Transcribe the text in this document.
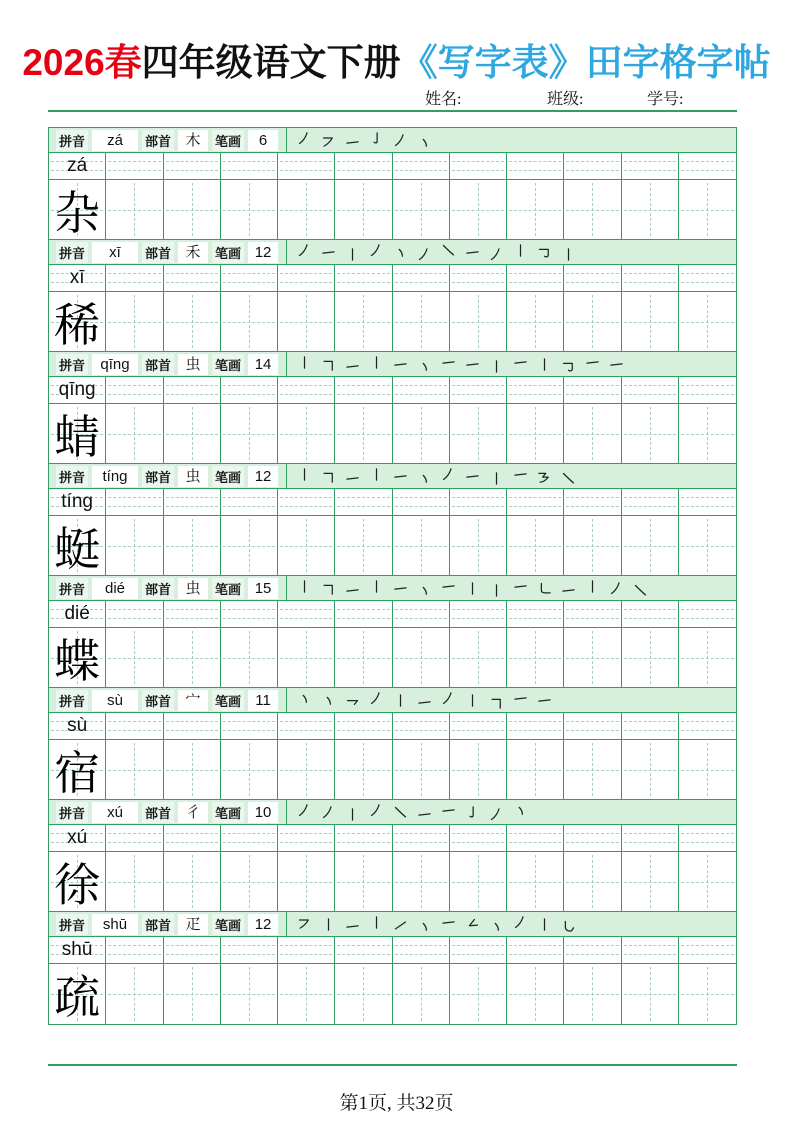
2026春四年级语文下册《写字表》田字格字帖
姓名:	班级:	学号:
拼音	zá	部首 木	笔画	6
zá
杂
拼音	xī	部首 禾	笔画 12
xī
稀
拼音	qīng	部首 虫	笔画 14
qīng
蜻
拼音	tíng	部首 虫	笔画 12
tíng
蜓
拼音	dié	部首 虫	笔画 15
dié
蝶
拼音	sù	部首 宀	笔画 11
sù
宿
拼音	xú	部首 彳	笔画 10
xú
徐
拼音	shū	部首 疋	笔画 12
shū
疏
第1页, 共32页
